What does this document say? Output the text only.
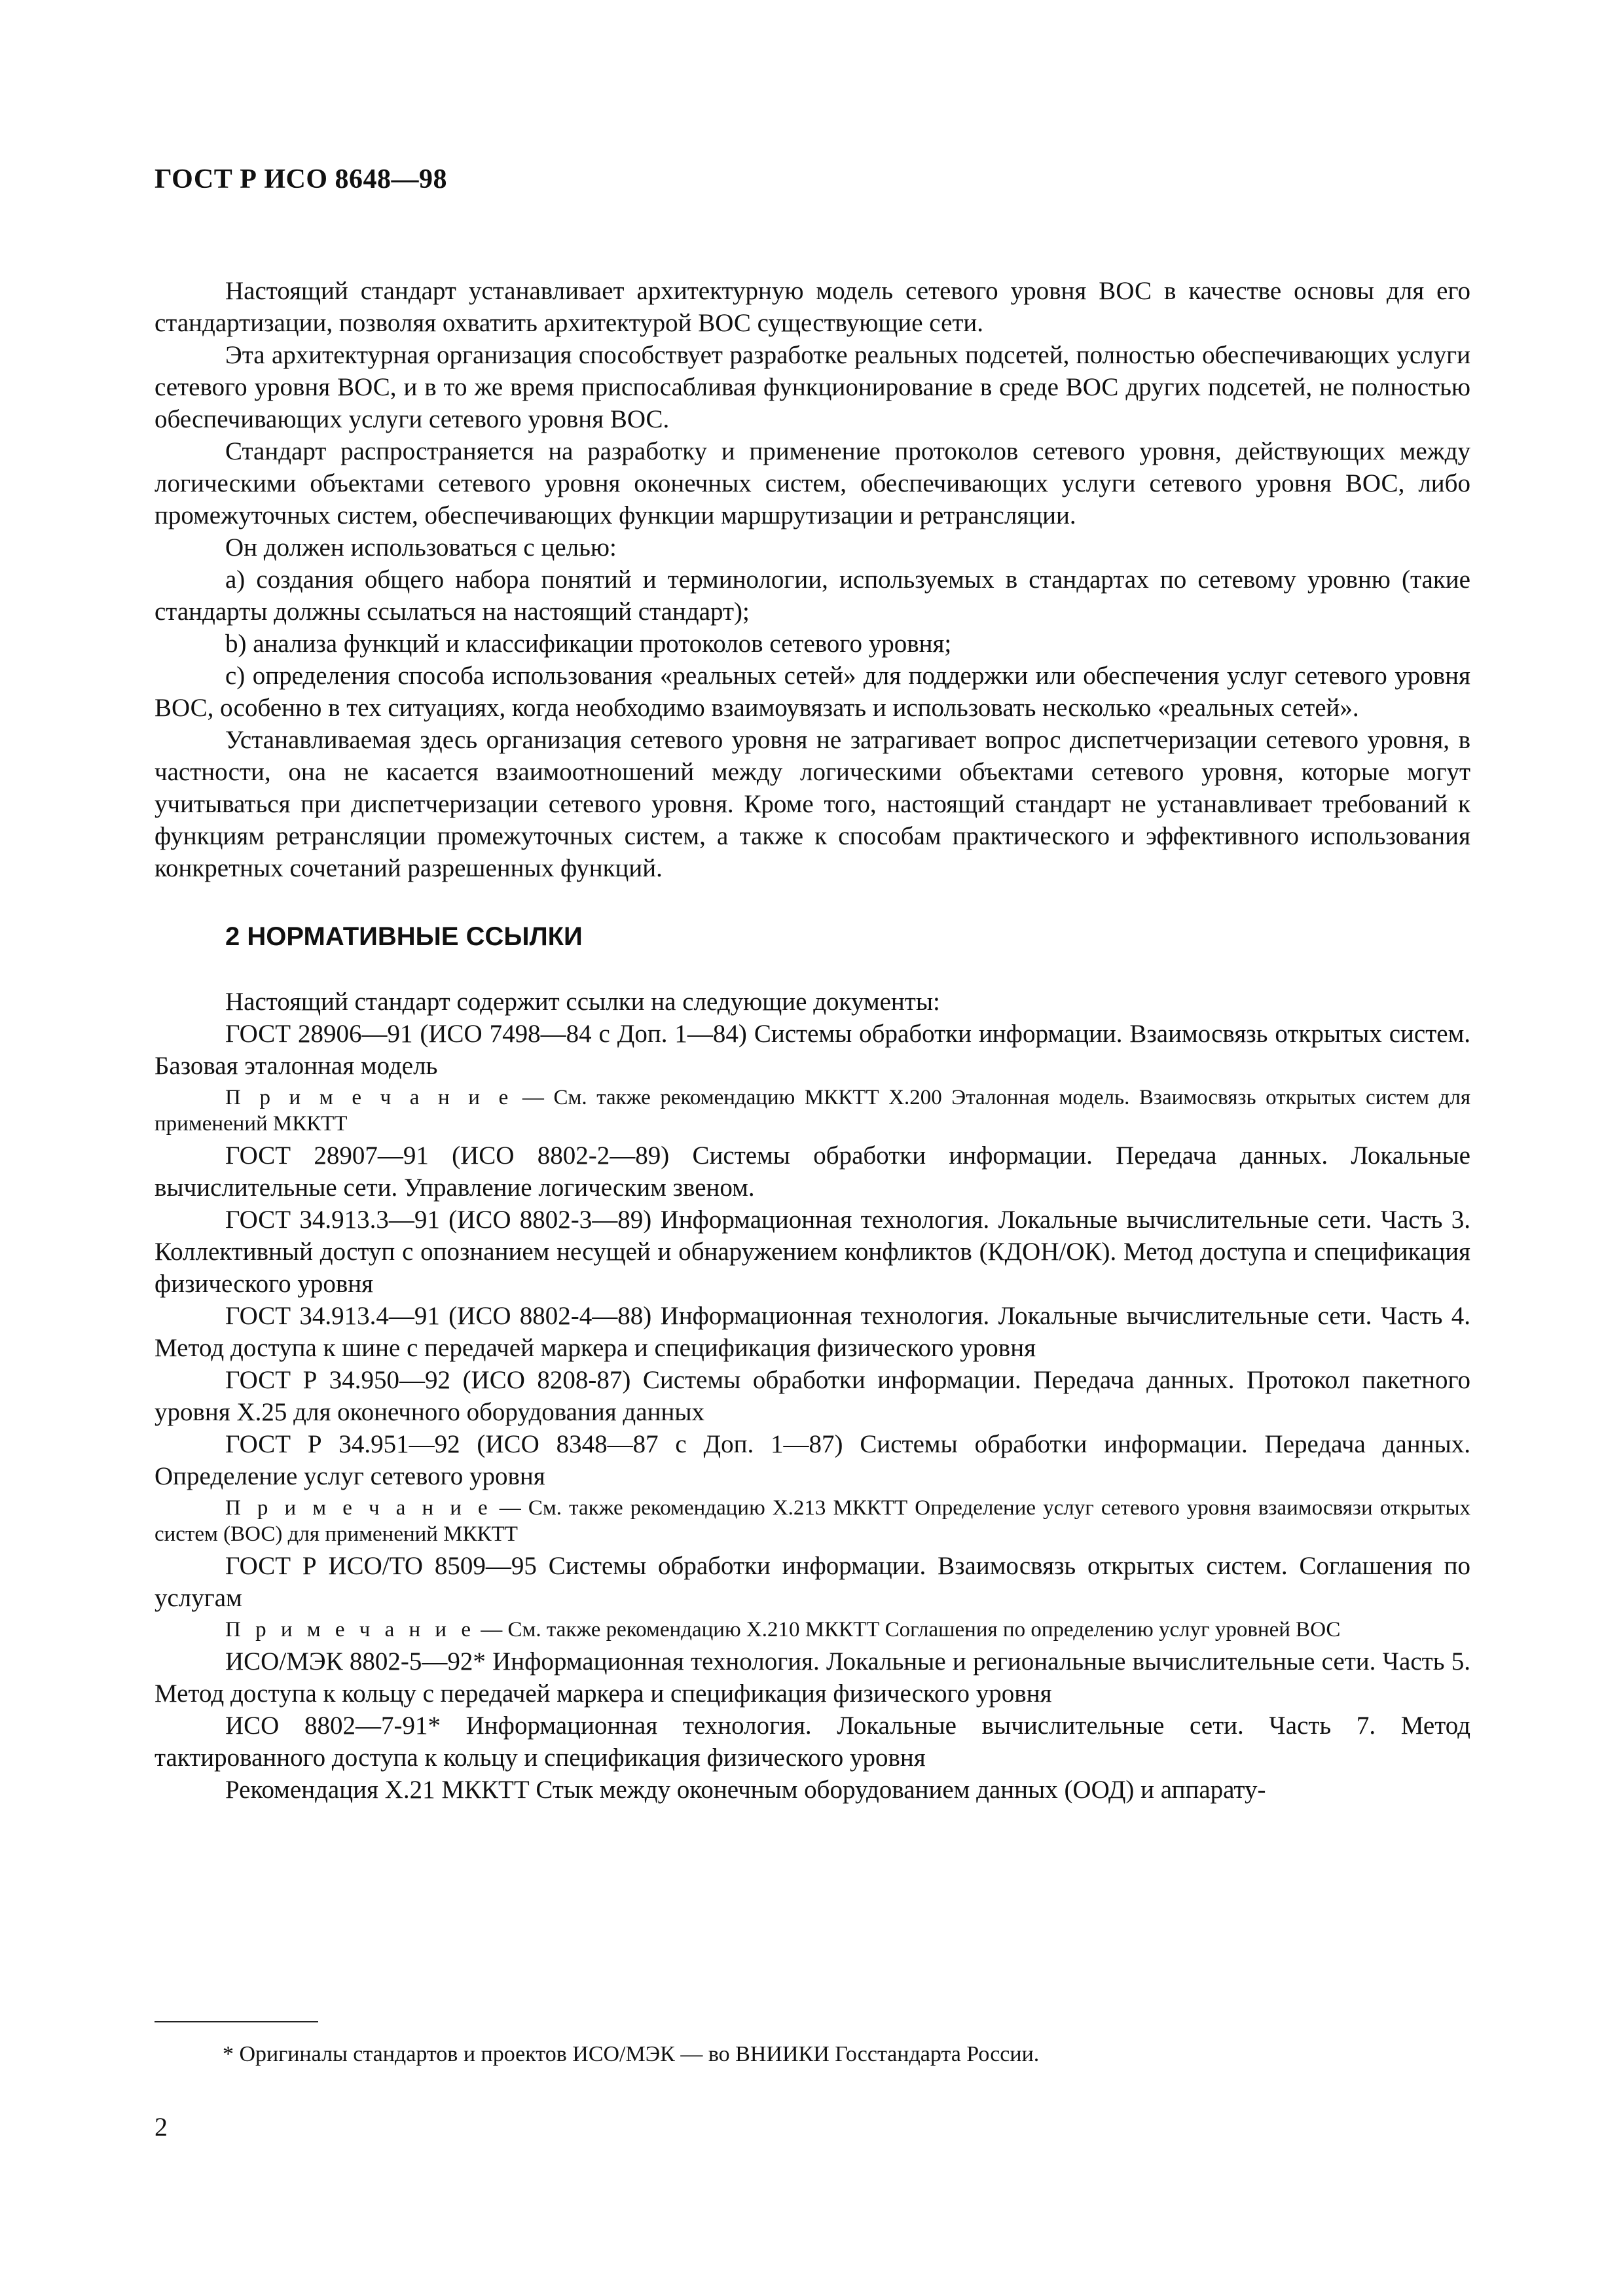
ГОСТ Р ИСО 8648—98

Настоящий стандарт устанавливает архитектурную модель сетевого уровня ВОС в качестве основы для его стандартизации, позволяя охватить архитектурой ВОС существующие сети.

Эта архитектурная организация способствует разработке реальных подсетей, полностью обеспечивающих услуги сетевого уровня ВОС, и в то же время приспосабливая функционирование в среде ВОС других подсетей, не полностью обеспечивающих услуги сетевого уровня ВОС.

Стандарт распространяется на разработку и применение протоколов сетевого уровня, действующих между логическими объектами сетевого уровня оконечных систем, обеспечивающих услуги сетевого уровня ВОС, либо промежуточных систем, обеспечивающих функции маршрутизации и ретрансляции.

Он должен использоваться с целью:

a) создания общего набора понятий и терминологии, используемых в стандартах по сетевому уровню (такие стандарты должны ссылаться на настоящий стандарт);

b) анализа функций и классификации протоколов сетевого уровня;

c) определения способа использования «реальных сетей» для поддержки или обеспечения услуг сетевого уровня ВОС, особенно в тех ситуациях, когда необходимо взаимоувязать и использовать несколько «реальных сетей».

Устанавливаемая здесь организация сетевого уровня не затрагивает вопрос диспетчеризации сетевого уровня, в частности, она не касается взаимоотношений между логическими объектами сетевого уровня, которые могут учитываться при диспетчеризации сетевого уровня. Кроме того, настоящий стандарт не устанавливает требований к функциям ретрансляции промежуточных систем, а также к способам практического и эффективного использования конкретных сочетаний разрешенных функций.

2 НОРМАТИВНЫЕ ССЫЛКИ

Настоящий стандарт содержит ссылки на следующие документы:

ГОСТ 28906—91 (ИСО 7498—84 с Доп. 1—84) Системы обработки информации. Взаимосвязь открытых систем. Базовая эталонная модель

П р и м е ч а н и е — См. также рекомендацию МККТТ Х.200 Эталонная модель. Взаимосвязь открытых систем для применений МККТТ

ГОСТ 28907—91 (ИСО 8802-2—89) Системы обработки информации. Передача данных. Локальные вычислительные сети. Управление логическим звеном.

ГОСТ 34.913.3—91 (ИСО 8802-3—89) Информационная технология. Локальные вычислительные сети. Часть 3. Коллективный доступ с опознанием несущей и обнаружением конфликтов (КДОН/ОК). Метод доступа и спецификация физического уровня

ГОСТ 34.913.4—91 (ИСО 8802-4—88) Информационная технология. Локальные вычислительные сети. Часть 4. Метод доступа к шине с передачей маркера и спецификация физического уровня

ГОСТ Р 34.950—92 (ИСО 8208-87) Системы обработки информации. Передача данных. Протокол пакетного уровня Х.25 для оконечного оборудования данных

ГОСТ Р 34.951—92 (ИСО 8348—87 с Доп. 1—87) Системы обработки информации. Передача данных. Определение услуг сетевого уровня

П р и м е ч а н и е — См. также рекомендацию Х.213 МККТТ Определение услуг сетевого уровня взаимосвязи открытых систем (ВОС) для применений МККТТ

ГОСТ Р ИСО/ТО 8509—95 Системы обработки информации. Взаимосвязь открытых систем. Соглашения по услугам

П р и м е ч а н и е — См. также рекомендацию Х.210 МККТТ Соглашения по определению услуг уровней ВОС

ИСО/МЭК 8802-5—92* Информационная технология. Локальные и региональные вычислительные сети. Часть 5. Метод доступа к кольцу с передачей маркера и спецификация физического уровня

ИСО 8802—7-91* Информационная технология. Локальные вычислительные сети. Часть 7. Метод тактированного доступа к кольцу и спецификация физического уровня

Рекомендация Х.21 МККТТ Стык между оконечным оборудованием данных (ООД) и аппарату-

* Оригиналы стандартов и проектов ИСО/МЭК — во ВНИИКИ Госстандарта России.
2
